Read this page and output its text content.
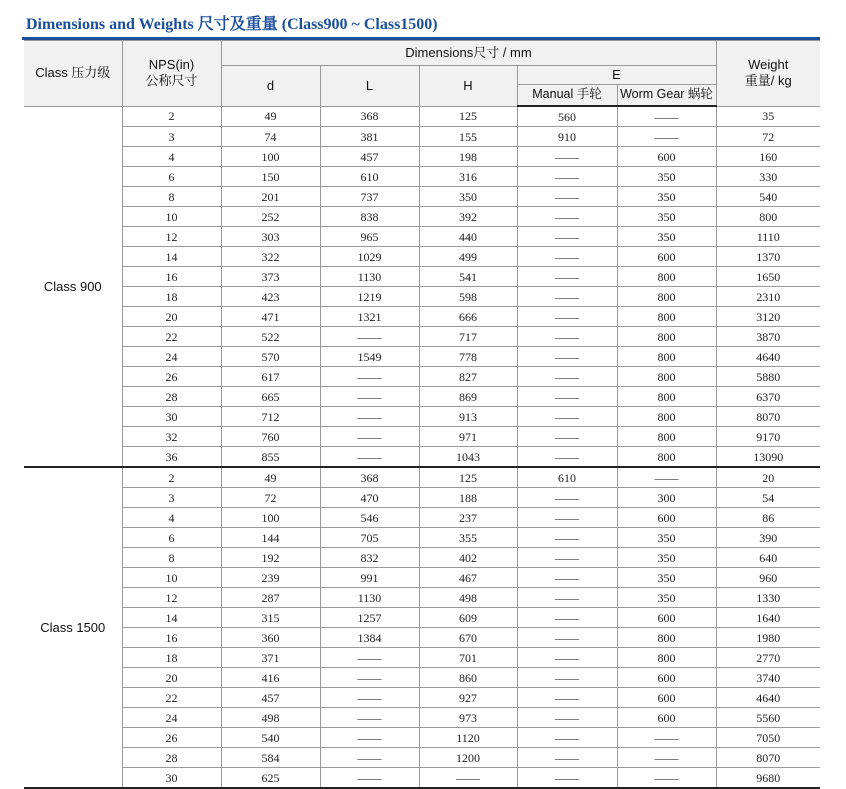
Dimensions and Weights 尺寸及重量 (Class900 ~ Class1500)
Class 压力级	NPS(in)
公称尺寸	Dimensions尺寸 / mm					Weight
重量/ kg
		d	L	H	E		
					Manual 手轮	Worm Gear 蜗轮	
Class 900	2	49	368	125	560	——	35
	3	74	381	155	910	——	72
	4	100	457	198	——	600	160
	6	150	610	316	——	350	330
	8	201	737	350	——	350	540
	10	252	838	392	——	350	800
	12	303	965	440	——	350	1110
	14	322	1029	499	——	600	1370
	16	373	1130	541	——	800	1650
	18	423	1219	598	——	800	2310
	20	471	1321	666	——	800	3120
	22	522	——	717	——	800	3870
	24	570	1549	778	——	800	4640
	26	617	——	827	——	800	5880
	28	665	——	869	——	800	6370
	30	712	——	913	——	800	8070
	32	760	——	971	——	800	9170
	36	855	——	1043	——	800	13090
Class 1500	2	49	368	125	610	——	20
	3	72	470	188	——	300	54
	4	100	546	237	——	600	86
	6	144	705	355	——	350	390
	8	192	832	402	——	350	640
	10	239	991	467	——	350	960
	12	287	1130	498	——	350	1330
	14	315	1257	609	——	600	1640
	16	360	1384	670	——	800	1980
	18	371	——	701	——	800	2770
	20	416	——	860	——	600	3740
	22	457	——	927	——	600	4640
	24	498	——	973	——	600	5560
	26	540	——	1120	——	——	7050
	28	584	——	1200	——	——	8070
	30	625	——	——	——	——	9680
